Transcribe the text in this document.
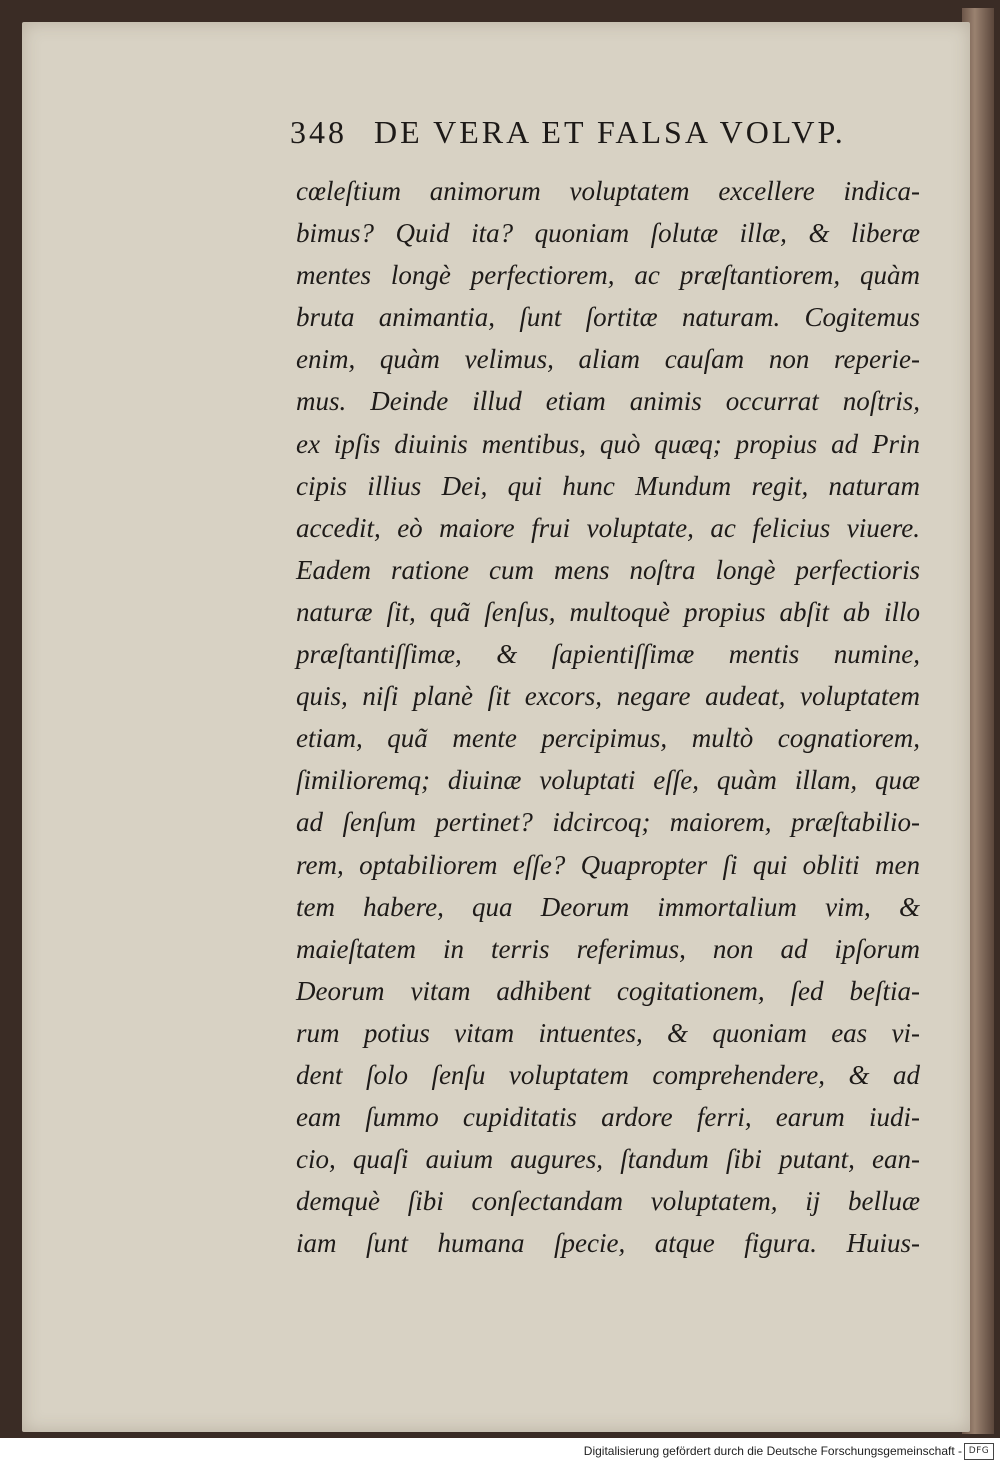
348 DE VERA ET FALSA VOLVP.
cœleſtium animorum voluptatem excellere indica-
bimus? Quid ita? quoniam ſolutæ illæ, & liberæ
mentes longè perfectiorem, ac præſtantiorem, quàm
bruta animantia, ſunt ſortitæ naturam. Cogitemus
enim, quàm velimus, aliam cauſam non reperie-
mus. Deinde illud etiam animis occurrat noſtris,
ex ipſis diuinis mentibus, quò quæq; propius ad Prin
cipis illius Dei, qui hunc Mundum regit, naturam
accedit, eò maiore frui voluptate, ac felicius viuere.
Eadem ratione cum mens noſtra longè perfectioris
naturæ ſit, quã ſenſus, multoquè propius abſit ab illo
præſtantiſſimæ, & ſapientiſſimæ mentis numine,
quis, niſi planè ſit excors, negare audeat, voluptatem
etiam, quã mente percipimus, multò cognatiorem,
ſimilioremq; diuinæ voluptati eſſe, quàm illam, quæ
ad ſenſum pertinet? idcircoq; maiorem, præſtabilio-
rem, optabiliorem eſſe? Quapropter ſi qui obliti men
tem habere, qua Deorum immortalium vim, &
maieſtatem in terris referimus, non ad ipſorum
Deorum vitam adhibent cogitationem, ſed beſtia-
rum potius vitam intuentes, & quoniam eas vi-
dent ſolo ſenſu voluptatem comprehendere, & ad
eam ſummo cupiditatis ardore ferri, earum iudi-
cio, quaſi auium augures, ſtandum ſibi putant, ean-
demquè ſibi conſectandam voluptatem, ij belluæ
iam ſunt humana ſpecie, atque figura. Huius-
Digitalisierung gefördert durch die Deutsche Forschungsgemeinschaft - DFG
